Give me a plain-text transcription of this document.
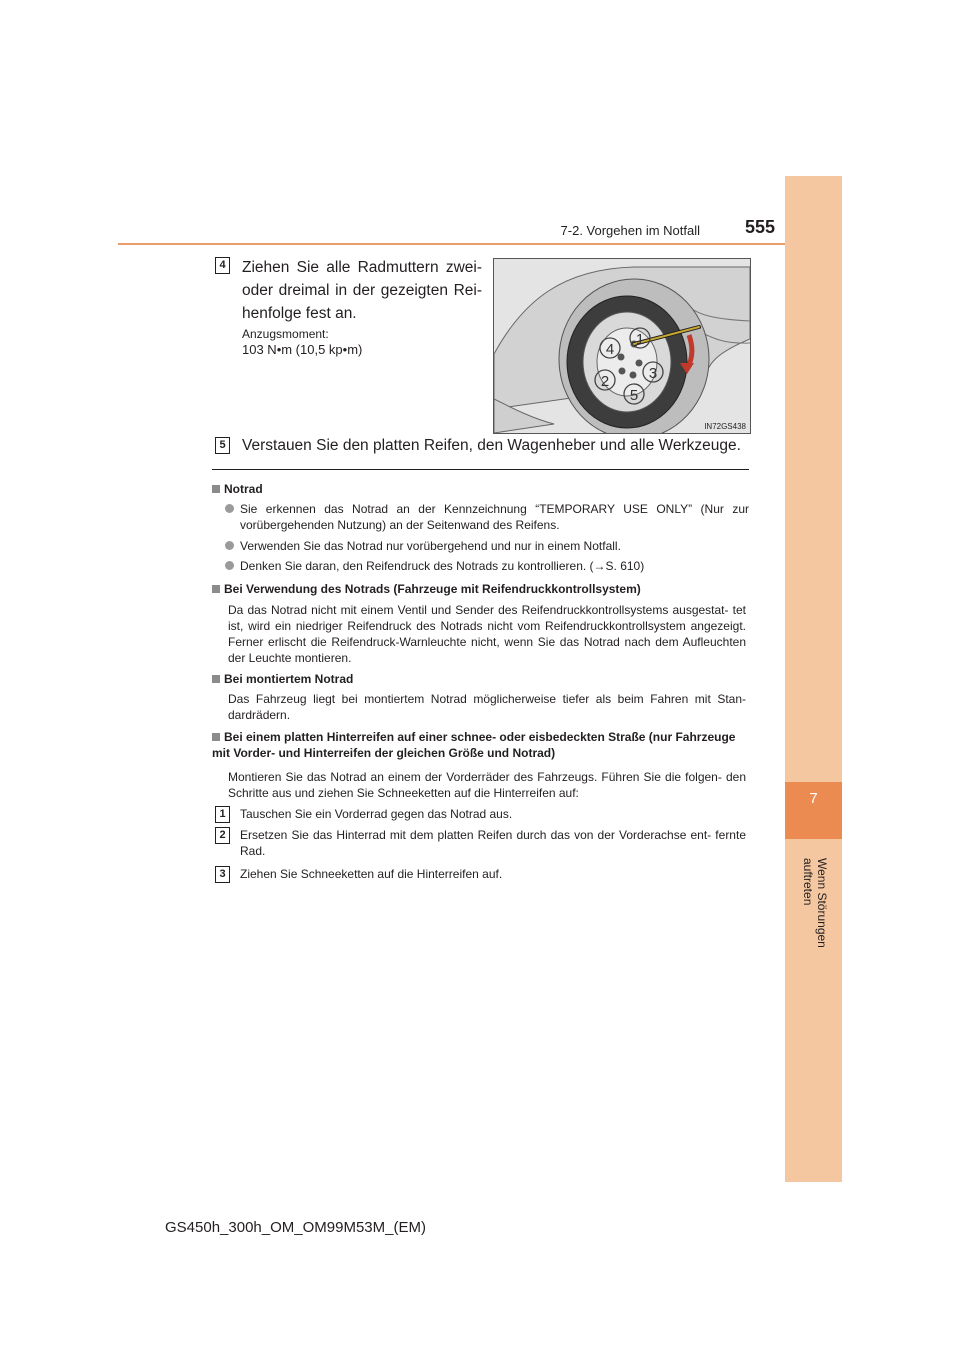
7
Wenn Störungen auftreten
7-2. Vorgehen im Notfall	555
4 Ziehen Sie alle Radmuttern zwei- oder dreimal in der gezeigten Rei- henfolge fest an.
Anzugsmoment:
103 N•m (10,5 kp•m)
1
2	3
4
5
IN72GS438
5 Verstauen Sie den platten Reifen, den Wagenheber und alle Werkzeuge.
Notrad
Sie erkennen das Notrad an der Kennzeichnung “TEMPORARY USE ONLY” (Nur zur vorübergehenden Nutzung) an der Seitenwand des Reifens.
Verwenden Sie das Notrad nur vorübergehend und nur in einem Notfall.
Denken Sie daran, den Reifendruck des Notrads zu kontrollieren. (→S. 610)
Bei Verwendung des Notrads (Fahrzeuge mit Reifendruckkontrollsystem)
Da das Notrad nicht mit einem Ventil und Sender des Reifendruckkontrollsystems ausgestat- tet ist, wird ein niedriger Reifendruck des Notrads nicht vom Reifendruckkontrollsystem angezeigt. Ferner erlischt die Reifendruck-Warnleuchte nicht, wenn Sie das Notrad nach dem Aufleuchten der Leuchte montieren.
Bei montiertem Notrad
Das Fahrzeug liegt bei montiertem Notrad möglicherweise tiefer als beim Fahren mit Stan- dardrädern.
Bei einem platten Hinterreifen auf einer schnee- oder eisbedeckten Straße (nur Fahrzeuge mit Vorder- und Hinterreifen der gleichen Größe und Notrad)
Montieren Sie das Notrad an einem der Vorderräder des Fahrzeugs. Führen Sie die folgen- den Schritte aus und ziehen Sie Schneeketten auf die Hinterreifen auf:
1	Tauschen Sie ein Vorderrad gegen das Notrad aus.
2	Ersetzen Sie das Hinterrad mit dem platten Reifen durch das von der Vorderachse ent- fernte Rad.
3	Ziehen Sie Schneeketten auf die Hinterreifen auf.
GS450h_300h_OM_OM99M53M_(EM)
